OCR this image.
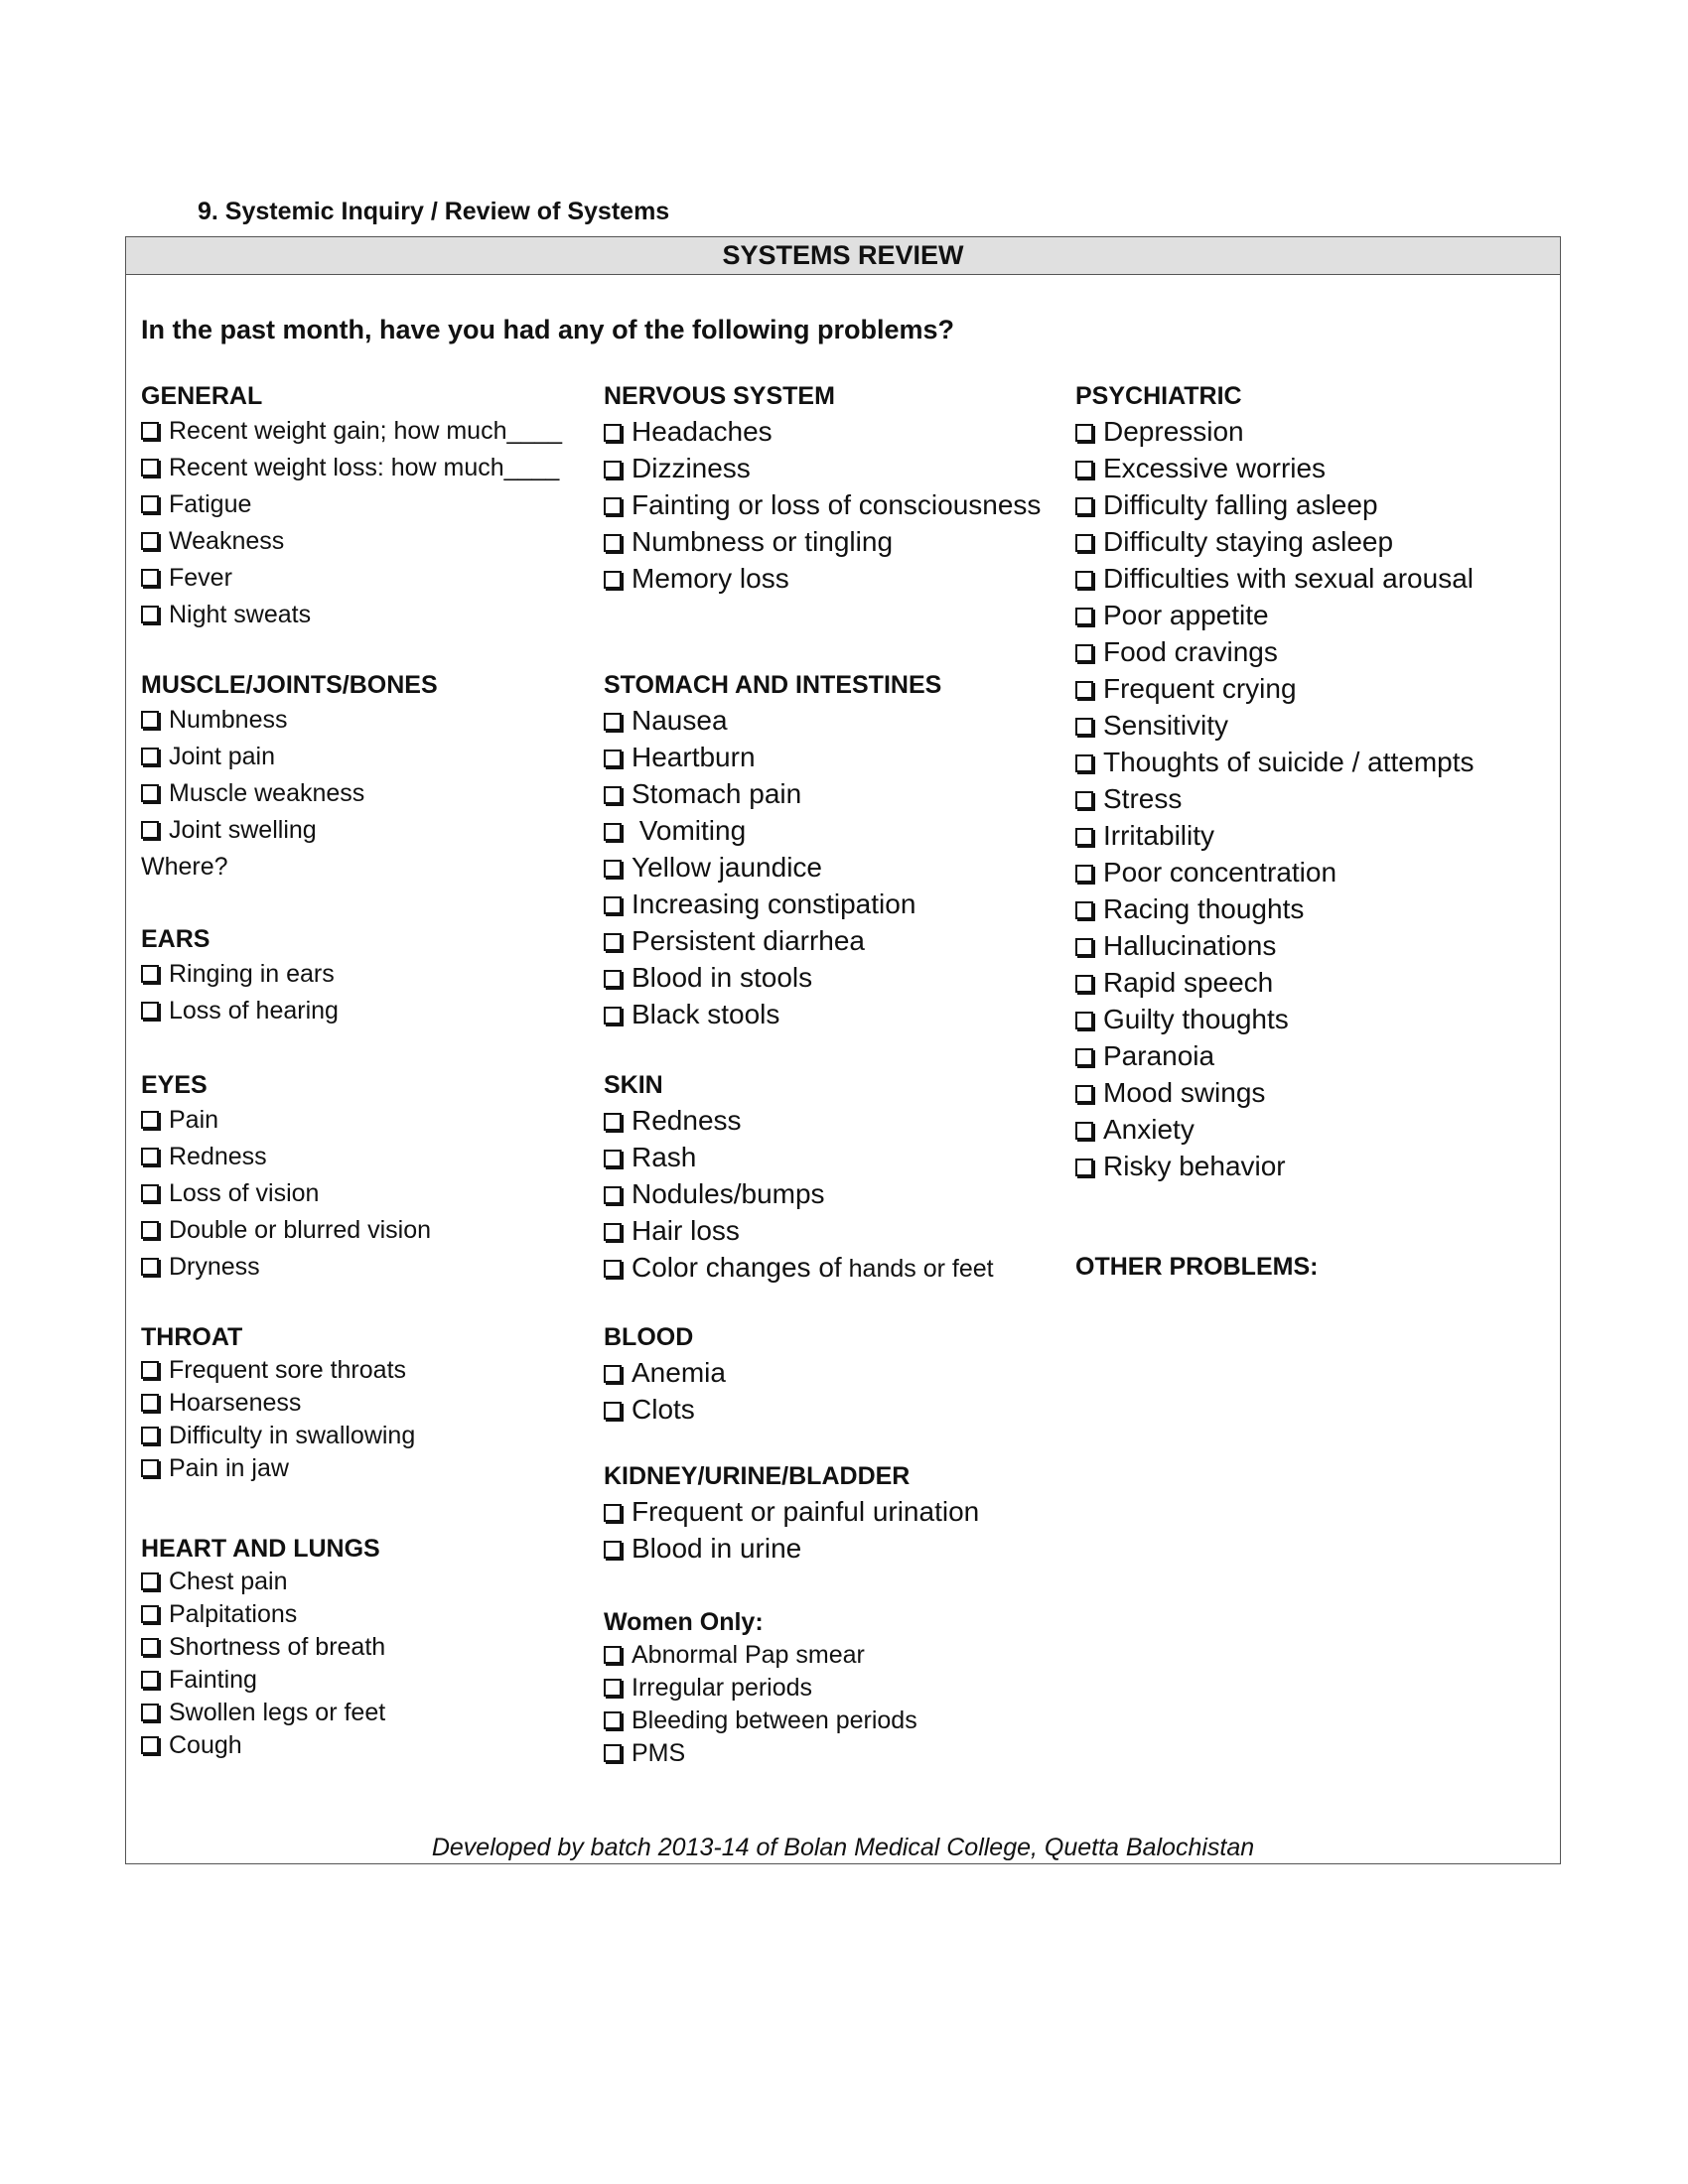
9. Systemic Inquiry / Review of Systems
SYSTEMS REVIEW
In the past month, have you had any of the following problems?
GENERAL
Recent weight gain; how much____
Recent weight loss: how much____
Fatigue
Weakness
Fever
Night sweats
MUSCLE/JOINTS/BONES
Numbness
Joint pain
Muscle weakness
Joint swelling
Where?
EARS
Ringing in ears
Loss of hearing
EYES
Pain
Redness
Loss of vision
Double or blurred vision
Dryness
THROAT
Frequent sore throats
Hoarseness
Difficulty in swallowing
Pain in jaw
HEART AND LUNGS
Chest pain
Palpitations
Shortness of breath
Fainting
Swollen legs or feet
Cough
NERVOUS SYSTEM
Headaches
Dizziness
Fainting or loss of consciousness
Numbness or tingling
Memory loss
STOMACH AND INTESTINES
Nausea
Heartburn
Stomach pain
Vomiting
Yellow jaundice
Increasing constipation
Persistent diarrhea
Blood in stools
Black stools
SKIN
Redness
Rash
Nodules/bumps
Hair loss
Color changes of hands or feet
BLOOD
Anemia
Clots
KIDNEY/URINE/BLADDER
Frequent or painful urination
Blood in urine
Women Only:
Abnormal Pap smear
Irregular periods
Bleeding between periods
PMS
PSYCHIATRIC
Depression
Excessive worries
Difficulty falling asleep
Difficulty staying asleep
Difficulties with sexual arousal
Poor appetite
Food cravings
Frequent crying
Sensitivity
Thoughts of suicide / attempts
Stress
Irritability
Poor concentration
Racing thoughts
Hallucinations
Rapid speech
Guilty thoughts
Paranoia
Mood swings
Anxiety
Risky behavior
OTHER PROBLEMS:
Developed by batch 2013-14 of Bolan Medical College, Quetta Balochistan
